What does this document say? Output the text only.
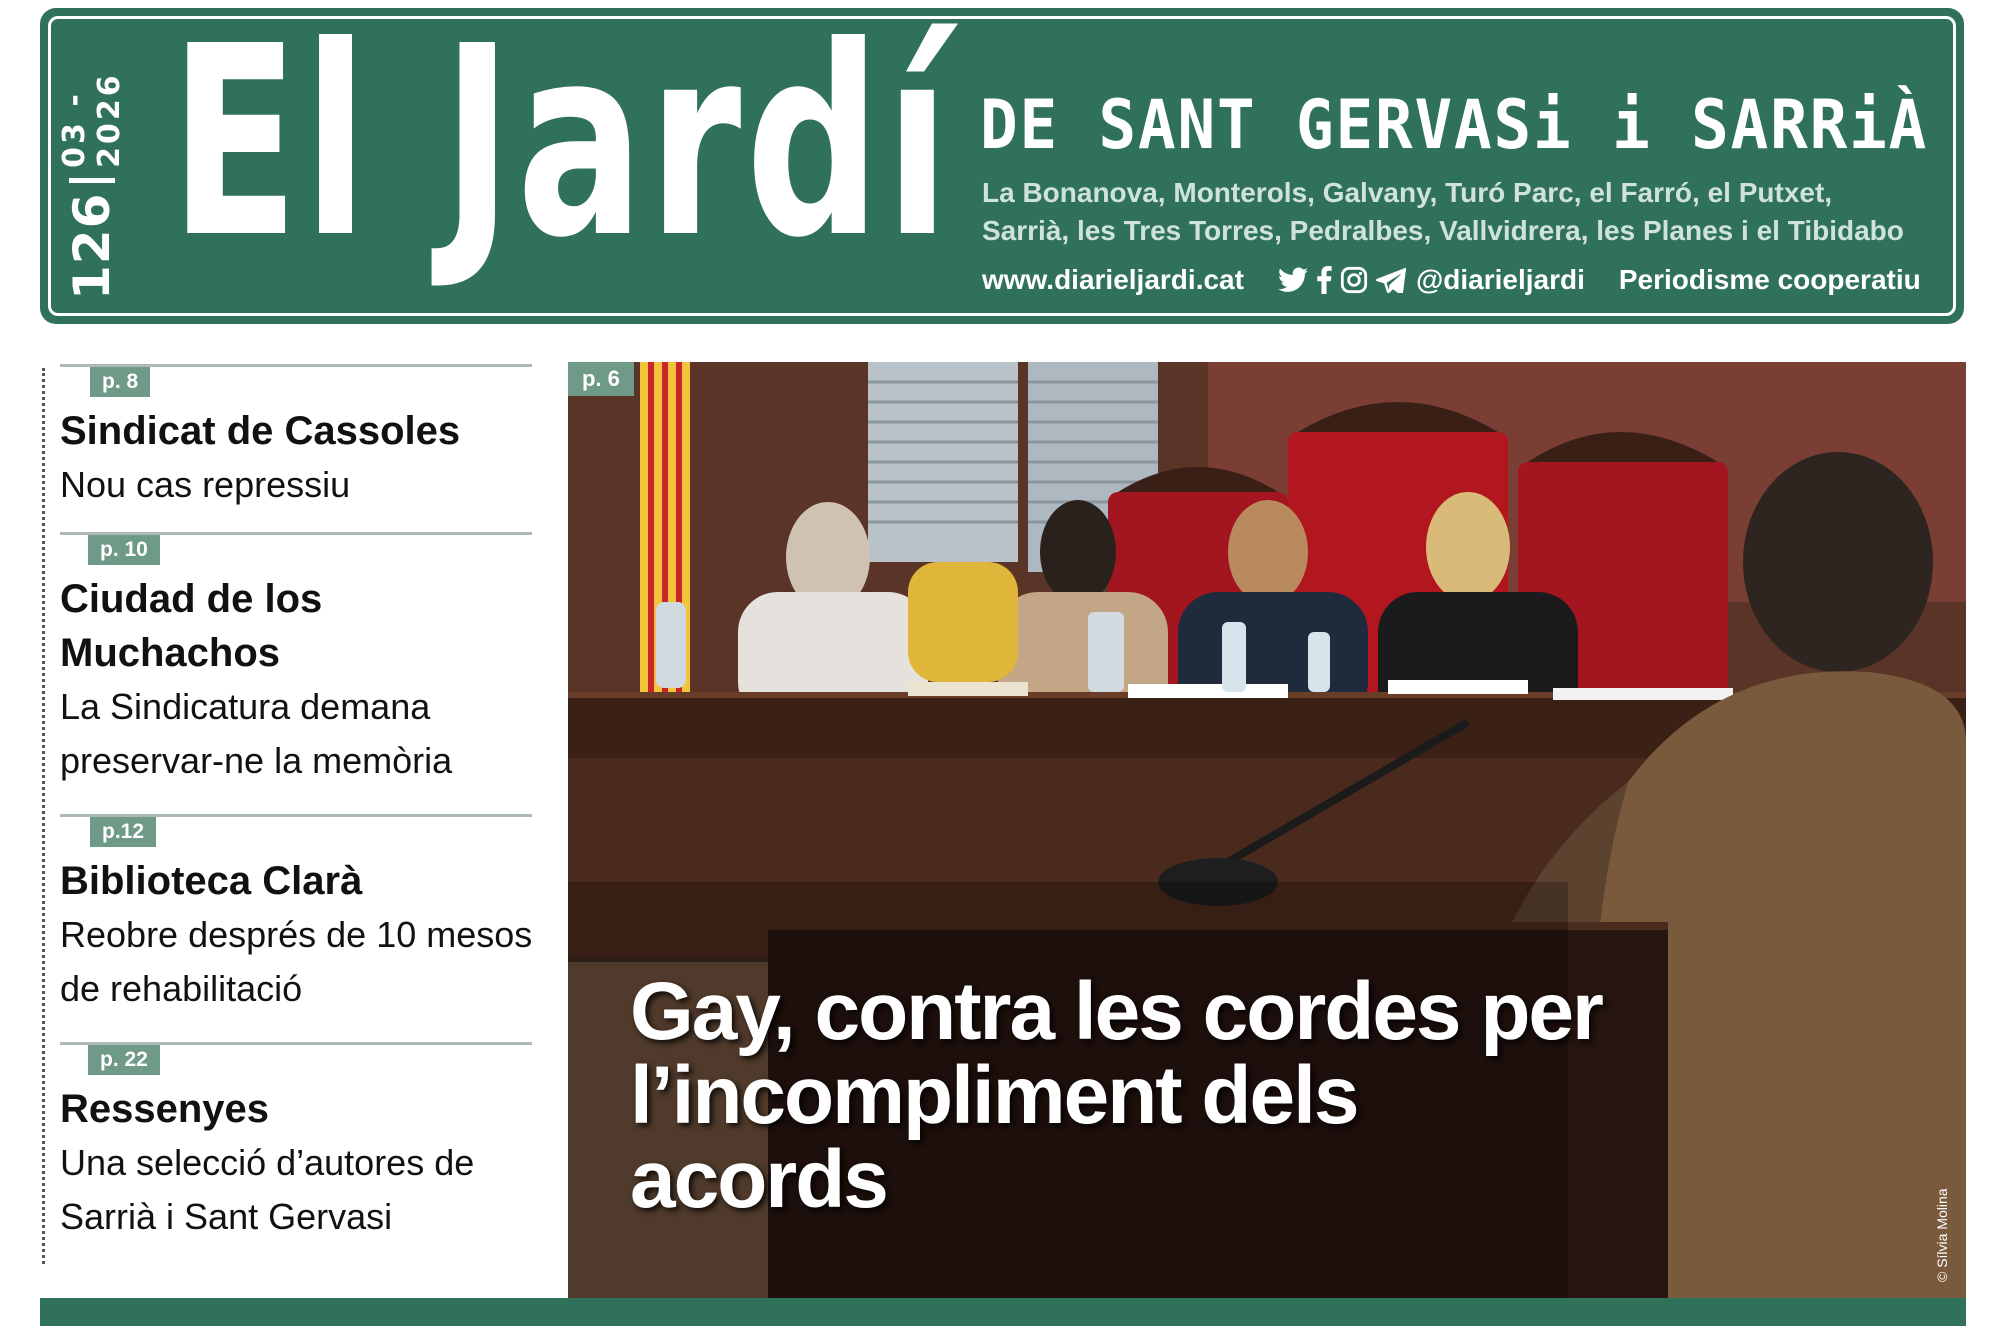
126
03 - 2026 El Jardí DE SANT GERVASi i SARRiÀ
La Bonanova, Monterols, Galvany, Turó Parc, el Farró, el Putxet,
Sarrià, les Tres Torres, Pedralbes, Vallvidrera, les Planes i el Tibidabo
www.diarieljardi.cat	@diarieljardi Periodisme cooperatiu
p. 8
Sindicat de Cassoles
Nou cas repressiu
p. 10
Ciudad de los Muchachos
La Sindicatura demana preservar-ne la memòria
p.12
Biblioteca Clarà
Reobre després de 10 mesos de rehabilitació
p. 22
Ressenyes
Una selecció d’autores de Sarrià i Sant Gervasi
p. 6
Gay, contra les cordes per l’incompliment dels acords
© Sílvia Molina
